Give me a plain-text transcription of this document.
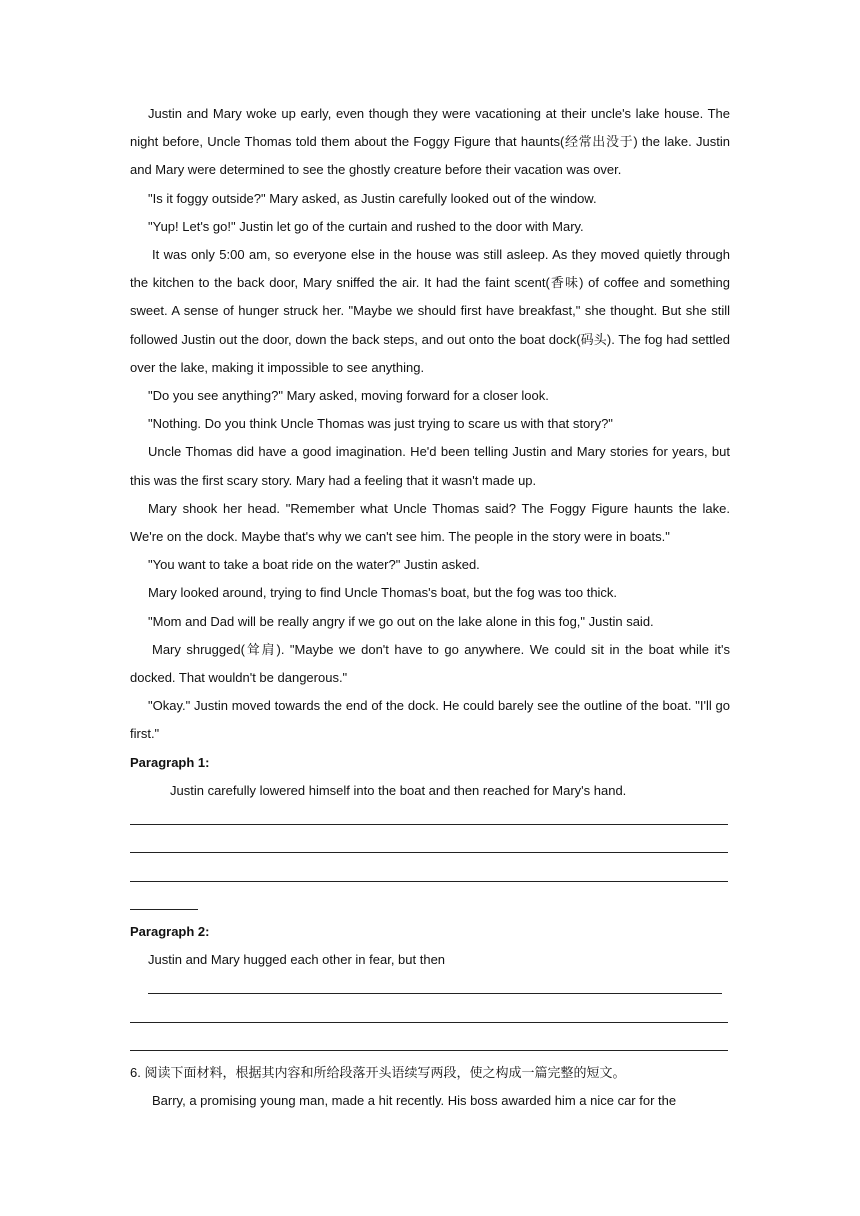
Justin and Mary woke up early, even though they were vacationing at their uncle's lake house. The night before, Uncle Thomas told them about the Foggy Figure that haunts(经常出没于) the lake. Justin and Mary were determined to see the ghostly creature before their vacation was over.

"Is it foggy outside?" Mary asked, as Justin carefully looked out of the window.

"Yup! Let's go!" Justin let go of the curtain and rushed to the door with Mary.

It was only 5:00 am, so everyone else in the house was still asleep. As they moved quietly through the kitchen to the back door, Mary sniffed the air. It had the faint scent(香味) of coffee and something sweet. A sense of hunger struck her. "Maybe we should first have breakfast," she thought. But she still followed Justin out the door, down the back steps, and out onto the boat dock(码头). The fog had settled over the lake, making it impossible to see anything.

"Do you see anything?" Mary asked, moving forward for a closer look.

"Nothing. Do you think Uncle Thomas was just trying to scare us with that story?"

Uncle Thomas did have a good imagination. He'd been telling Justin and Mary stories for years, but this was the first scary story. Mary had a feeling that it wasn't made up.

Mary shook her head. "Remember what Uncle Thomas said? The Foggy Figure haunts the lake. We're on the dock. Maybe that's why we can't see him. The people in the story were in boats."

"You want to take a boat ride on the water?" Justin asked.

Mary looked around, trying to find Uncle Thomas's boat, but the fog was too thick.

"Mom and Dad will be really angry if we go out on the lake alone in this fog," Justin said.

Mary shrugged(耸肩). "Maybe we don't have to go anywhere. We could sit in the boat while it's docked. That wouldn't be dangerous."

"Okay." Justin moved towards the end of the dock. He could barely see the outline of the boat. "I'll go first."

Paragraph 1:

Justin carefully lowered himself into the boat and then reached for Mary's hand.

Paragraph 2:

Justin and Mary hugged each other in fear, but then

6. 阅读下面材料，根据其内容和所给段落开头语续写两段，使之构成一篇完整的短文。

Barry, a promising young man, made a hit recently. His boss awarded him a nice car for the
